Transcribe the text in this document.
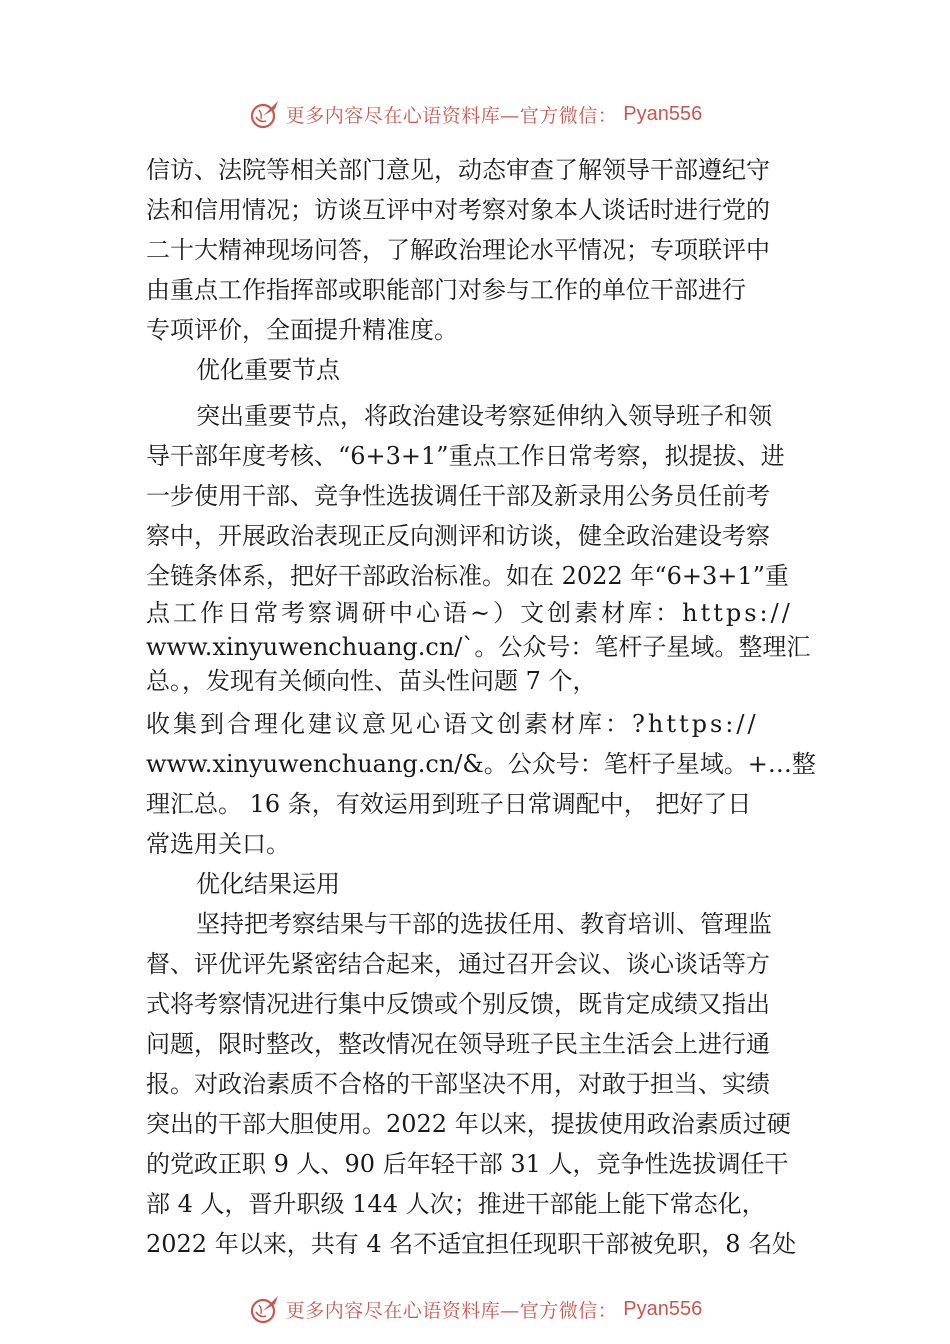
更多内容尽在心语资料库—官方微信： Pyan556
信访、法院等相关部门意见，动态审查了解领导干部遵纪守
法和信用情况；访谈互评中对考察对象本人谈话时进行党的
二十大精神现场问答，了解政治理论水平情况；专项联评中
由重点工作指挥部或职能部门对参与工作的单位干部进行
专项评价，全面提升精准度。
优化重要节点
突出重要节点，将政治建设考察延伸纳入领导班子和领
导干部年度考核、“6+3+1”重点工作日常考察，拟提拔、进
一步使用干部、竞争性选拔调任干部及新录用公务员任前考
察中，开展政治表现正反向测评和访谈，健全政治建设考察
全链条体系，把好干部政治标准。如在 2022 年“6+3+1”重
点工作日常考察调研中心语~）文创素材库：https://
www.xinyuwenchuang.cn/`。公众号：笔杆子星域。整理汇
总。，发现有关倾向性、苗头性问题 7 个，
收集到合理化建议意见心语文创素材库：?https://
www.xinyuwenchuang.cn/&。公众号：笔杆子星域。+…整
理汇总。 16 条，有效运用到班子日常调配中， 把好了日
常选用关口。
优化结果运用
坚持把考察结果与干部的选拔任用、教育培训、管理监
督、评优评先紧密结合起来，通过召开会议、谈心谈话等方
式将考察情况进行集中反馈或个别反馈，既肯定成绩又指出
问题，限时整改，整改情况在领导班子民主生活会上进行通
报。对政治素质不合格的干部坚决不用，对敢于担当、实绩
突出的干部大胆使用。2022 年以来，提拔使用政治素质过硬
的党政正职 9 人、90 后年轻干部 31 人，竞争性选拔调任干
部 4 人，晋升职级 144 人次；推进干部能上能下常态化，
2022 年以来，共有 4 名不适宜担任现职干部被免职，8 名处
更多内容尽在心语资料库—官方微信： Pyan556
